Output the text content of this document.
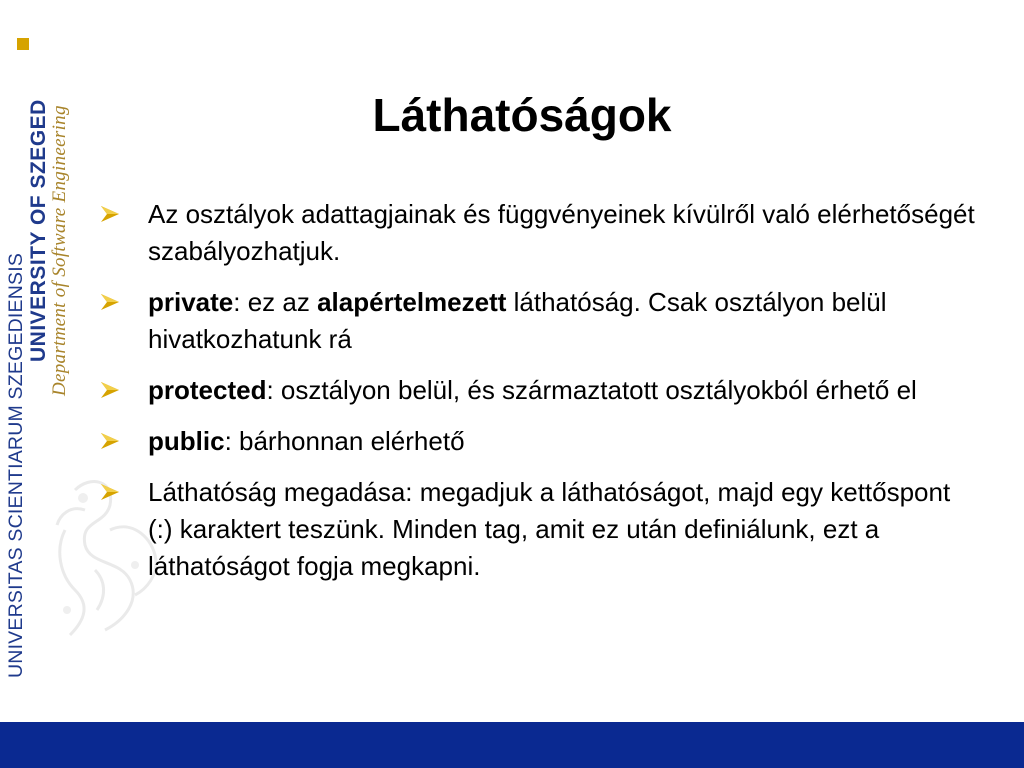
UNIVERSITAS SCIENTIARUM SZEGEDIENSIS
UNIVERSITY OF SZEGED Department of Software Engineering	Láthatóságok
Az osztályok adattagjainak és függvényeinek kívülről való elérhetőségét szabályozhatjuk.
private: ez az alapértelmezett láthatóság. Csak osztályon belül hivatkozhatunk rá
protected: osztályon belül, és származtatott osztályokból érhető el
public: bárhonnan elérhető
Láthatóság megadása: megadjuk a láthatóságot, majd egy kettőspont (:) karaktert teszünk. Minden tag, amit ez után definiálunk, ezt a láthatóságot fogja megkapni.
